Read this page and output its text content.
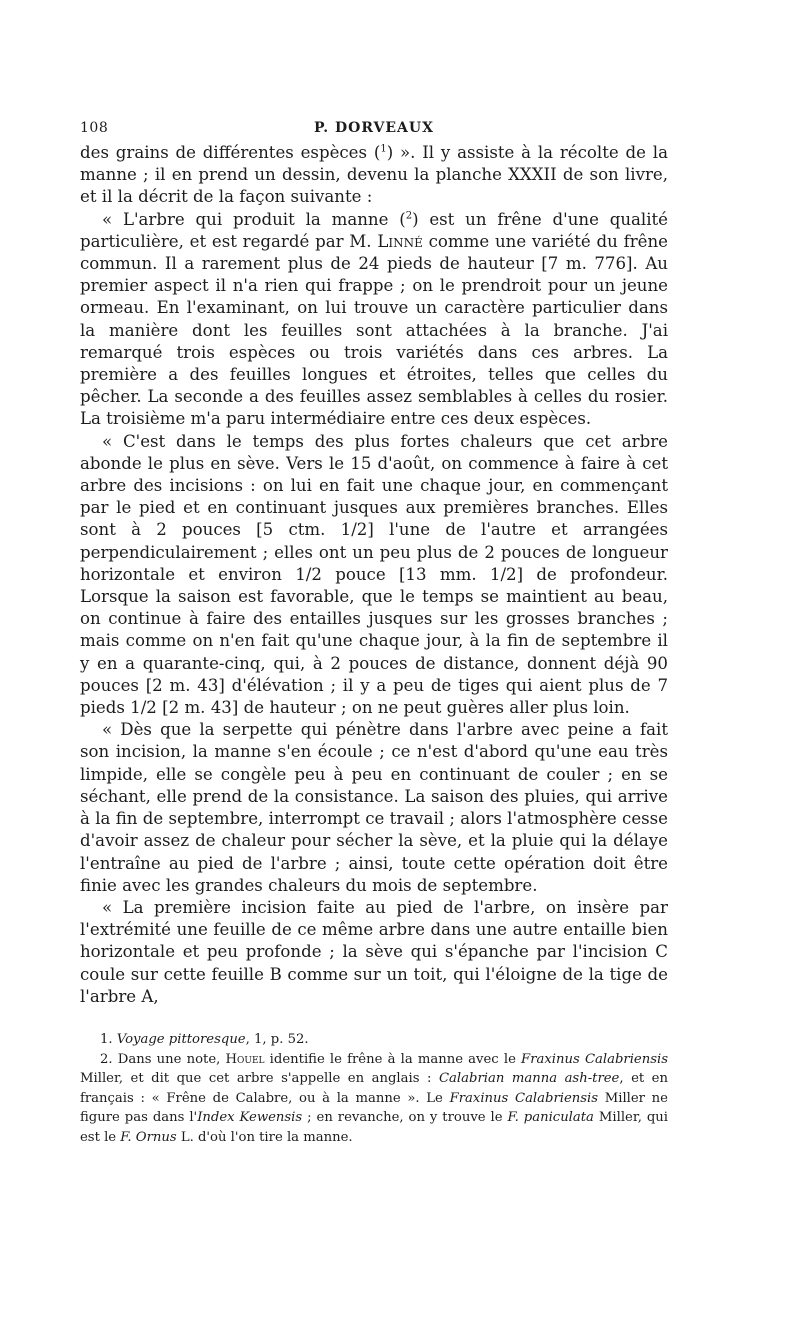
108	P. DORVEAUX

des grains de différentes espèces ($^1$) ». Il y assiste à la récolte de la manne ; il en prend un dessin, devenu la planche XXXII de son livre, et il la décrit de la façon suivante :

« L'arbre qui produit la manne ($^2$) est un frêne d'une qualité particulière, et est regardé par M. Linné comme une variété du frêne commun. Il a rarement plus de 24 pieds de hauteur [7 m. 776]. Au premier aspect il n'a rien qui frappe ; on le prendroit pour un jeune ormeau. En l'examinant, on lui trouve un caractère particulier dans la manière dont les feuilles sont attachées à la branche. J'ai remarqué trois espèces ou trois variétés dans ces arbres. La première a des feuilles longues et étroites, telles que celles du pêcher. La seconde a des feuilles assez semblables à celles du rosier. La troisième m'a paru intermédiaire entre ces deux espèces.

« C'est dans le temps des plus fortes chaleurs que cet arbre abonde le plus en sève. Vers le 15 d'août, on commence à faire à cet arbre des incisions : on lui en fait une chaque jour, en commençant par le pied et en continuant jusques aux premières branches. Elles sont à 2 pouces [5 ctm. 1/2] l'une de l'autre et arrangées perpendiculairement ; elles ont un peu plus de 2 pouces de longueur horizontale et environ 1/2 pouce [13 mm. 1/2] de profondeur. Lorsque la saison est favorable, que le temps se maintient au beau, on continue à faire des entailles jusques sur les grosses branches ; mais comme on n'en fait qu'une chaque jour, à la fin de septembre il y en a quarante-cinq, qui, à 2 pouces de distance, donnent déjà 90 pouces [2 m. 43] d'élévation ; il y a peu de tiges qui aient plus de 7 pieds 1/2 [2 m. 43] de hauteur ; on ne peut guères aller plus loin.

« Dès que la serpette qui pénètre dans l'arbre avec peine a fait son incision, la manne s'en écoule ; ce n'est d'abord qu'une eau très limpide, elle se congèle peu à peu en continuant de couler ; en se séchant, elle prend de la consistance. La saison des pluies, qui arrive à la fin de septembre, interrompt ce travail ; alors l'atmosphère cesse d'avoir assez de chaleur pour sécher la sève, et la pluie qui la délaye l'entraîne au pied de l'arbre ; ainsi, toute cette opération doit être finie avec les grandes chaleurs du mois de septembre.

« La première incision faite au pied de l'arbre, on insère par l'extrémité une feuille de ce même arbre dans une autre entaille bien horizontale et peu profonde ; la sève qui s'épanche par l'incision C coule sur cette feuille B comme sur un toit, qui l'éloigne de la tige de l'arbre A,

1. Voyage pittoresque, 1, p. 52.

2. Dans une note, Houel identifie le frêne à la manne avec le Fraxinus Calabriensis Miller, et dit que cet arbre s'appelle en anglais : Calabrian manna ash-tree, et en français : « Frêne de Calabre, ou à la manne ». Le Fraxinus Calabriensis Miller ne figure pas dans l'Index Kewensis ; en revanche, on y trouve le F. paniculata Miller, qui est le F. Ornus L. d'où l'on tire la manne.
